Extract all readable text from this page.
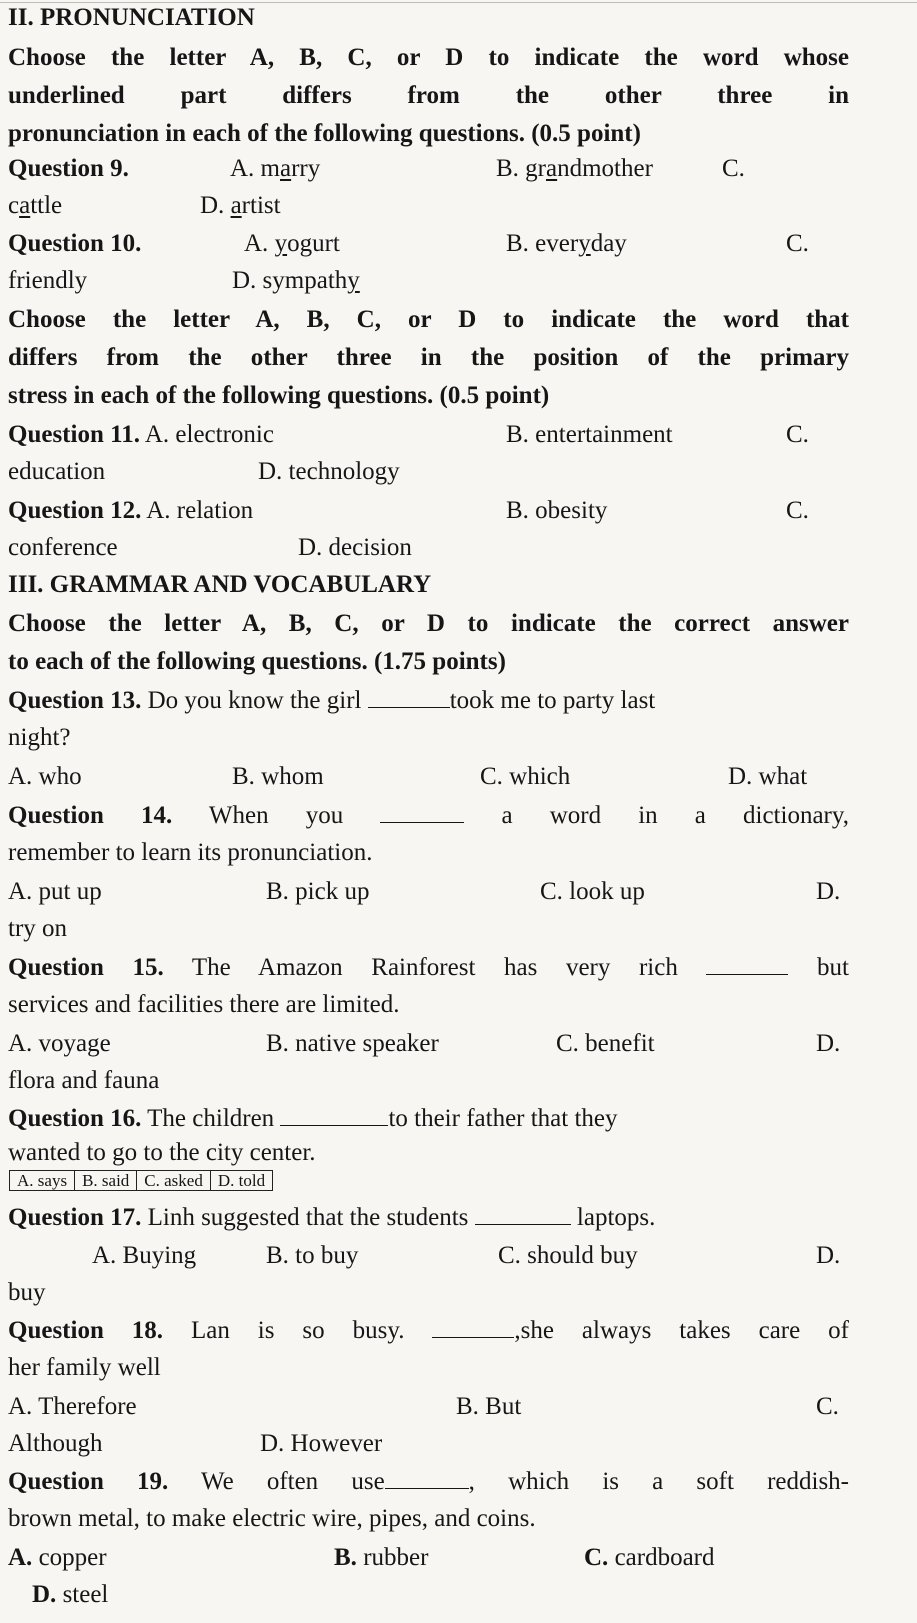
II. PRONUNCIATION
Choose the letter A, B, C, or D to indicate the word whose
underlined part differs from the other three in
pronunciation in each of the following questions. (0.5 point)
Question 9.	A. marry	B. grandmother	C.
cattle	D. artist
Question 10.	A. yogurt	B. everyday	C.
friendly	D. sympathy
Choose the letter A, B, C, or D to indicate the word that
differs from the other three in the position of the primary
stress in each of the following questions. (0.5 point)
Question 11. A. electronic	B. entertainment	C.
education	D. technology
Question 12. A. relation	B. obesity	C.
conference	D. decision
III. GRAMMAR AND VOCABULARY
Choose the letter A, B, C, or D to indicate the correct answer
to each of the following questions. (1.75 points)
Question 13. Do you know the girl	took me to party last
night?
A. who	B. whom	C. which	D. what
Question 14. When you	a word in a dictionary,
remember to learn its pronunciation.
A. put up	B. pick up	C. look up	D.
try on
Question 15. The Amazon Rainforest has very rich	but
services and facilities there are limited.
A. voyage	B. native speaker	C. benefit	D.
flora and fauna
Question 16. The children	to their father that they
wanted to go to the city center.
A. says	B. said	C. asked	D. told
Question 17. Linh suggested that the students	laptops.
A. Buying	B. to buy	C. should buy	D.
buy
Question 18. Lan is so busy.	,she always takes care of
her family well
A. Therefore	B. But	C.
Although	D. However
Question 19. We often use	, which is a soft reddish-
brown metal, to make electric wire, pipes, and coins.
A. copper	B. rubber	C. cardboard
D. steel
